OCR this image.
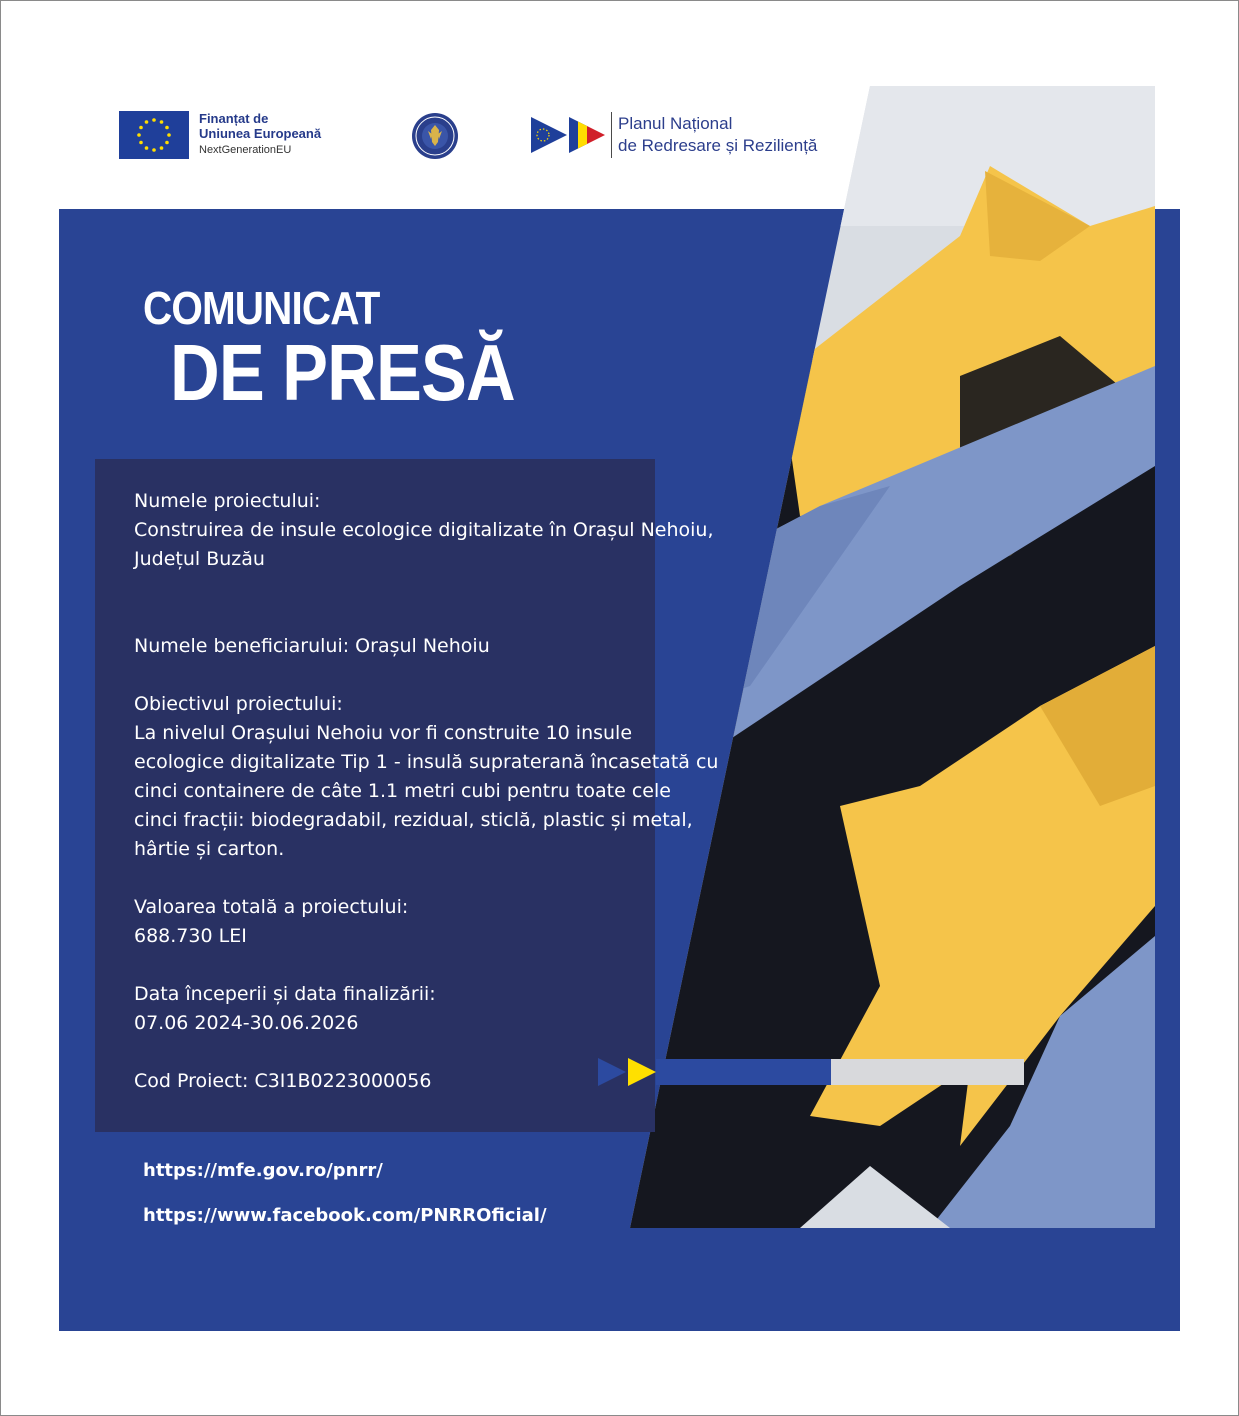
Finanțat de
Uniunea Europeană
NextGenerationEU
Planul Național
de Redresare și Reziliență
COMUNICAT
DE PRESĂ

Numele proiectului:

Construirea de insule ecologice digitalizate în Orașul Nehoiu,

Județul Buzău

Numele beneficiarului: Orașul Nehoiu

Obiectivul proiectului:

La nivelul Orașului Nehoiu vor fi construite 10 insule

ecologice digitalizate Tip 1 - insulă supraterană încasetată cu

cinci containere de câte 1.1 metri cubi pentru toate cele

cinci fracții: biodegradabil, rezidual, sticlă, plastic și metal,

hârtie și carton.

Valoarea totală a proiectului:

688.730 LEI

Data începerii și data finalizării:

07.06 2024-30.06.2026

Cod Proiect: C3I1B0223000056

https://mfe.gov.ro/pnrr/
https://www.facebook.com/PNRROficial/
